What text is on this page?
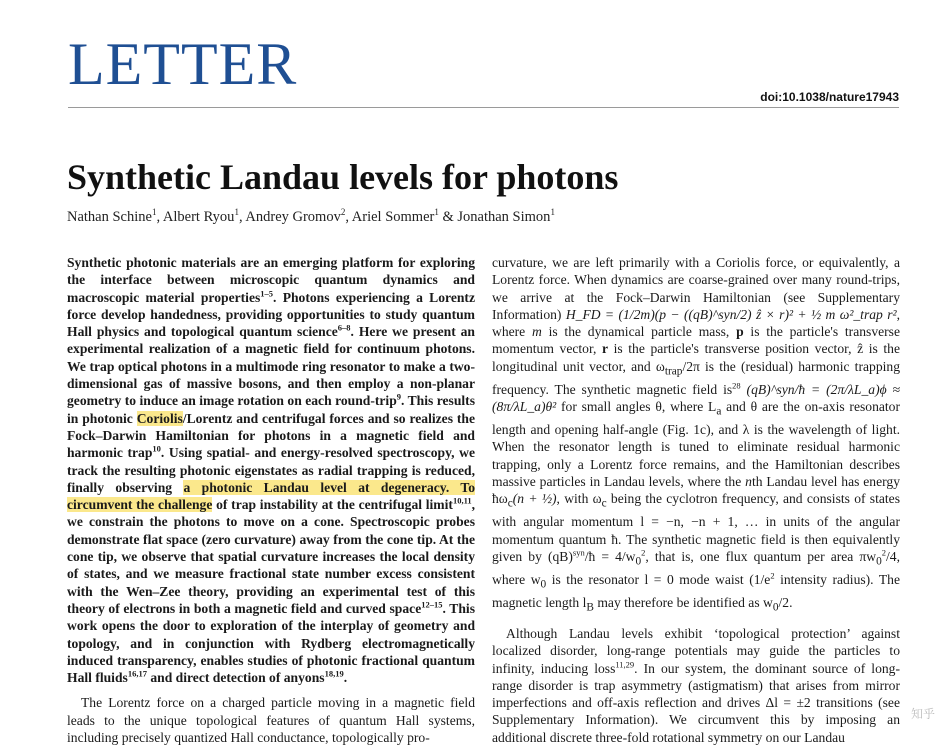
LETTER	doi:10.1038/nature17943
Synthetic Landau levels for photons
Nathan Schine$^1$, Albert Ryou$^1$, Andrey Gromov$^2$, Ariel Sommer$^1$ & Jonathan Simon$^1$

Synthetic photonic materials are an emerging platform for exploring the interface between microscopic quantum dynamics and macroscopic material properties$^{1-5}$. Photons experiencing a Lorentz force develop handedness, providing opportunities to study quantum Hall physics and topological quantum science$^{6-8}$. Here we present an experimental realization of a magnetic field for continuum photons. We trap optical photons in a multimode ring resonator to make a two-dimensional gas of massive bosons, and then employ a non-planar geometry to induce an image rotation on each round-trip$^9$. This results in photonic Coriolis/Lorentz and centrifugal forces and so realizes the Fock–Darwin Hamiltonian for photons in a magnetic field and harmonic trap$^{10}$. Using spatial- and energy-resolved spectroscopy, we track the resulting photonic eigenstates as radial trapping is reduced, finally observing a photonic Landau level at degeneracy. To circumvent the challenge of trap instability at the centrifugal limit$^{10,11}$, we constrain the photons to move on a cone. Spectroscopic probes demonstrate flat space (zero curvature) away from the cone tip. At the cone tip, we observe that spatial curvature increases the local density of states, and we measure fractional state number excess consistent with the Wen–Zee theory, providing an experimental test of this theory of electrons in both a magnetic field and curved space$^{12-15}$. This work opens the door to exploration of the interplay of geometry and topology, and in conjunction with Rydberg electromagnetically induced transparency, enables studies of photonic fractional quantum Hall fluids$^{16,17}$ and direct detection of anyons$^{18,19}$.

The Lorentz force on a charged particle moving in a magnetic field leads to the unique topological features of quantum Hall systems, including precisely quantized Hall conductance, topologically pro-

curvature, we are left primarily with a Coriolis force, or equivalently, a Lorentz force. When dynamics are coarse-grained over many round-trips, we arrive at the Fock–Darwin Hamiltonian (see Supplementary Information) H_FD = (1/2m)(p − ((qB)^syn/2) ẑ × r)² + ½ m ω²_trap r², where m is the dynamical particle mass, p is the particle's transverse momentum vector, r is the particle's transverse position vector, ẑ is the longitudinal unit vector, and $\omega_{trap}/2\pi$ is the (residual) harmonic trapping frequency. The synthetic magnetic field $is^{28}$ (qB)^syn/ħ = (2π/λL_a)ϕ ≈ (8π/λL_a)θ² for small angles θ, where $L_a$ and θ are the on-axis resonator length and opening half-angle (Fig. 1c), and λ is the wavelength of light. When the resonator length is tuned to eliminate residual harmonic trapping, only a Lorentz force remains, and the Hamiltonian describes massive particles in Landau levels, where the nth Landau level has energy $ħ\omega_c(n$ + ½), with $\omega_c$ being the cyclotron frequency, and consists of states with angular momentum l = −n, −n + 1, … in units of the angular momentum quantum ħ. The synthetic magnetic field is then equivalently given by (qB)$^{syn}$/ħ = $4/w_0^2$, that is, one flux quantum per area $\pi w_0^2/4$, where $w_0$ is the resonator l = 0 mode waist ($1/e^2$ intensity radius). The magnetic length $l_B$ may therefore be identified as $w_0/2$.

Although Landau levels exhibit ‘topological protection’ against localized disorder, long-range potentials may guide the particles to infinity, inducing loss$^{11,29}$. In our system, the dominant source of long-range disorder is trap asymmetry (astigmatism) that arises from mirror imperfections and off-axis reflection and drives Δl = ±2 transitions (see Supplementary Information). We circumvent this by imposing an additional discrete three-fold rotational symmetry on our Landau

知乎
